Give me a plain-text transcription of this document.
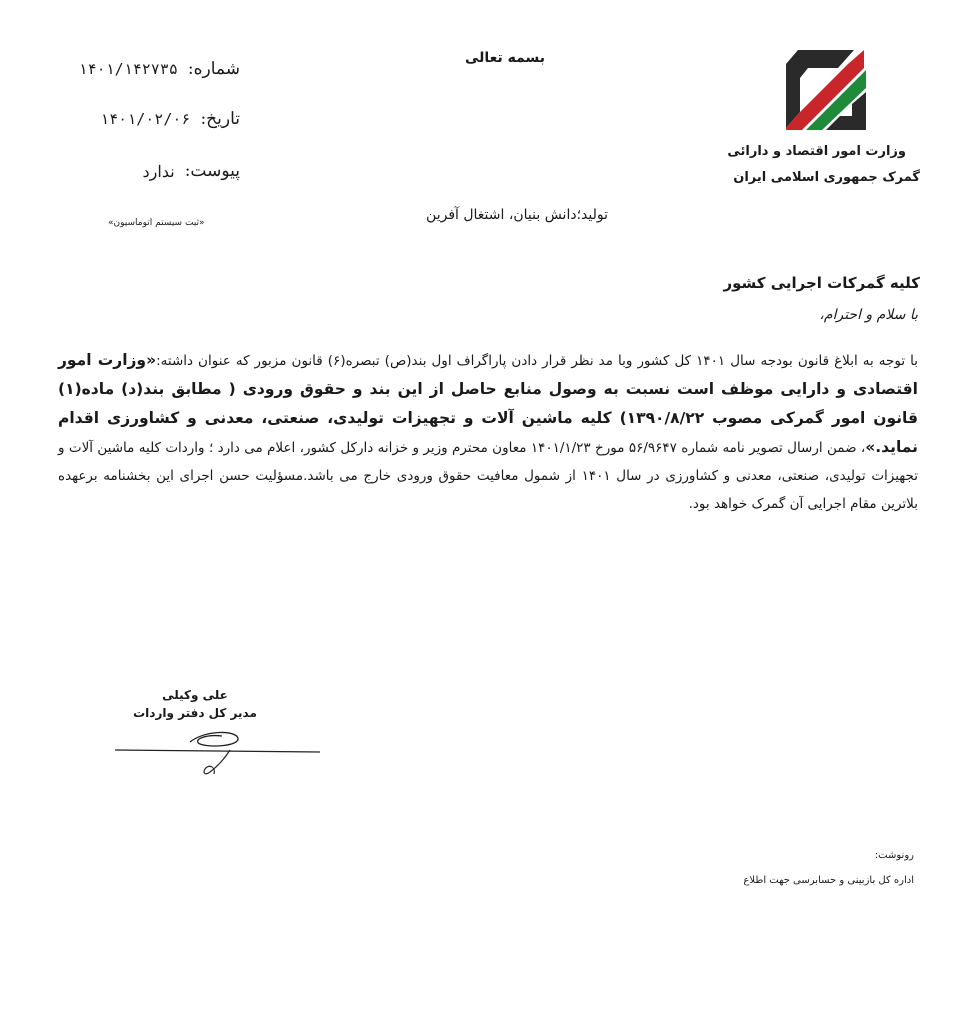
بسمه تعالی
وزارت امور اقتصاد و دارائی
گمرک جمهوری اسلامی ایران
شماره:
۱۴۰۱/۱۴۲۷۳۵
تاریخ:
۱۴۰۱/۰۲/۰۶
پیوست:
ندارد
«ثبت سیستم اتوماسیون»	تولید؛دانش بنیان، اشتغال آفرین
کلیه گمرکات اجرایی کشور
با سلام و احترام،
با توجه به ابلاغ قانون بودجه سال ۱۴۰۱ کل کشور وبا مد نظر قرار دادن پاراگراف اول بند(ص) تبصره(۶) قانون مزبور که عنوان داشته:«وزارت امور اقتصادی و دارایی موظف است نسبت به وصول منابع حاصل از این بند و حقوق ورودی ( مطابق بند(د) ماده(۱) قانون امور گمرکی مصوب ۱۳۹۰/۸/۲۲) کلیه ماشین آلات و تجهیزات تولیدی، صنعتی، معدنی و کشاورزی اقدام نماید.»، ضمن ارسال تصویر نامه شماره ۵۶/۹۶۴۷ مورخ ۱۴۰۱/۱/۲۳ معاون محترم وزیر و خزانه دارکل کشور، اعلام می دارد ؛ واردات کلیه ماشین آلات و تجهیزات تولیدی، صنعتی، معدنی و کشاورزی در سال ۱۴۰۱ از شمول معافیت حقوق ورودی خارج می باشد.مسؤلیت حسن اجرای این بخشنامه برعهده بلاترین مقام اجرایی آن گمرک خواهد بود.
علی وکیلی
مدیر کل دفتر واردات
رونوشت:
اداره کل بازبینی و حسابرسی جهت اطلاع
